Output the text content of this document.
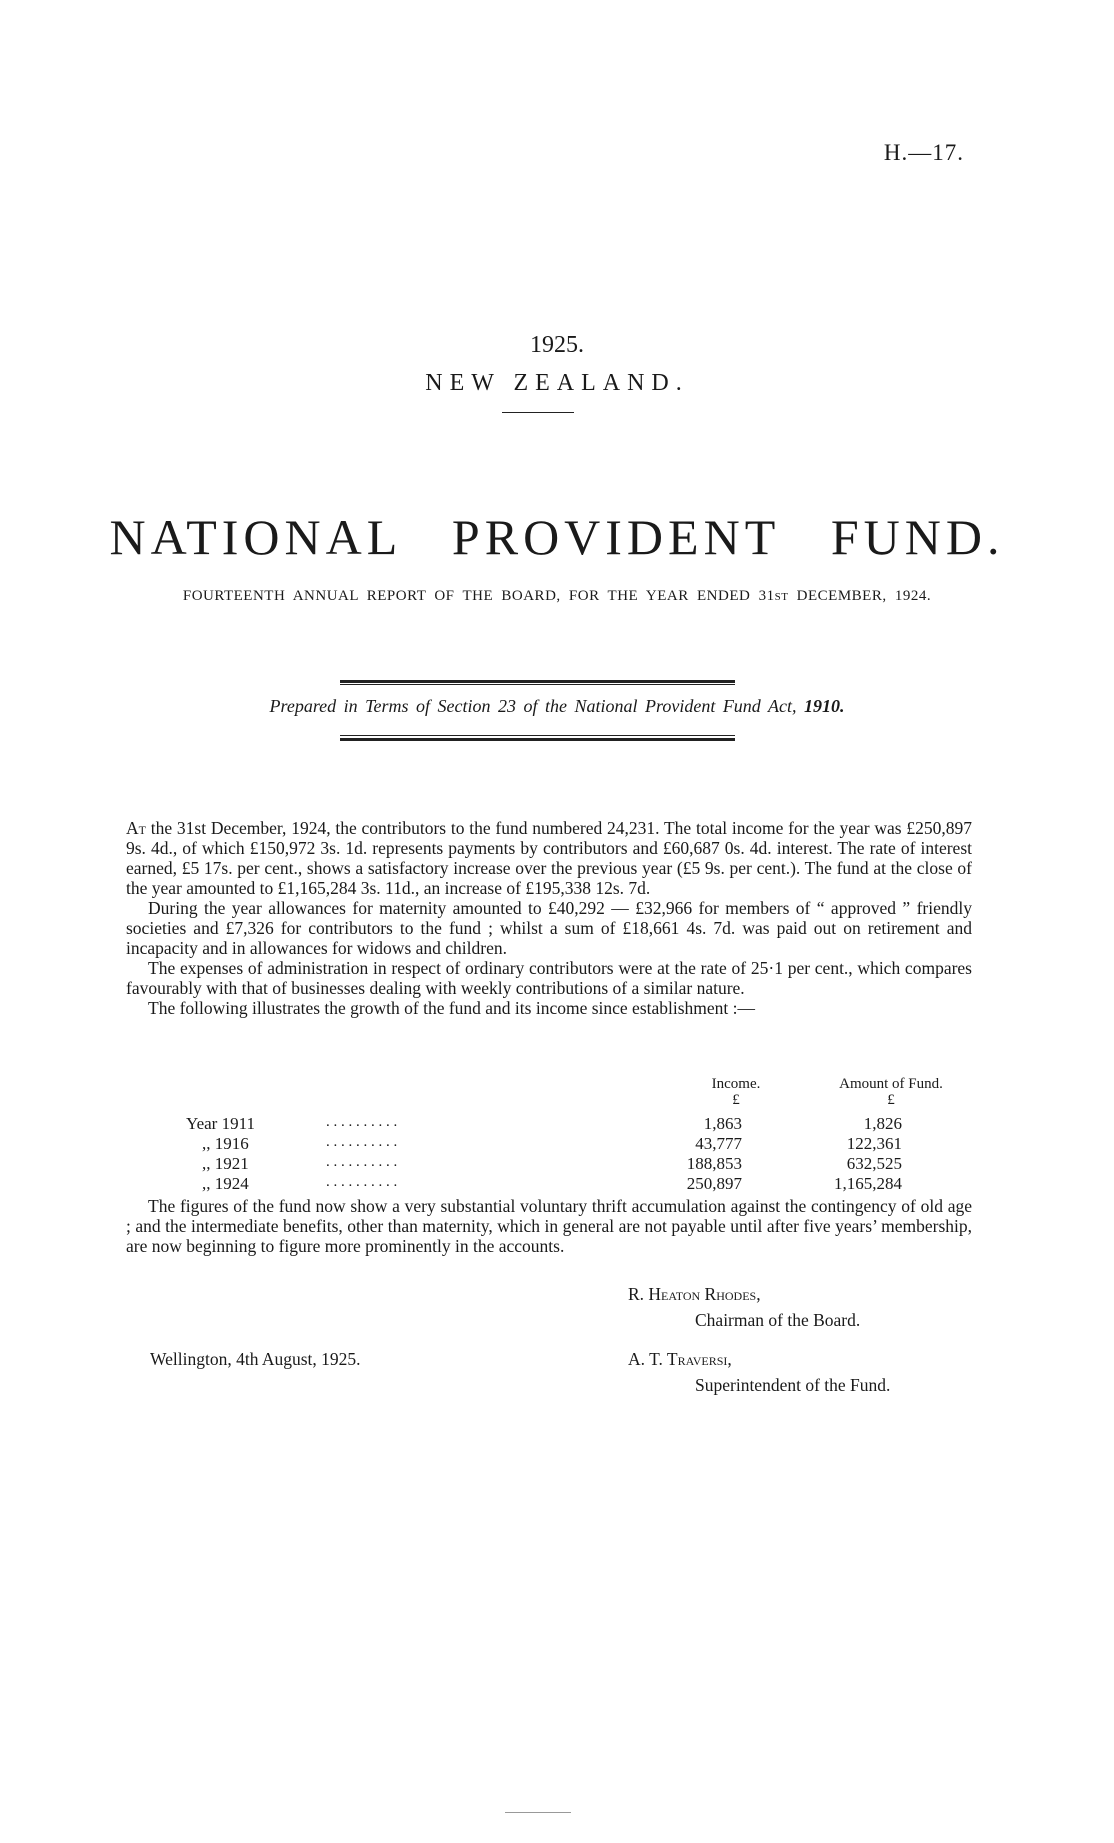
H.—17.
1925.
NEW ZEALAND.
NATIONAL PROVIDENT FUND.
FOURTEENTH ANNUAL REPORT OF THE BOARD, FOR THE YEAR ENDED 31ST DECEMBER, 1924.
Prepared in Terms of Section 23 of the National Provident Fund Act, 1910.

At the 31st December, 1924, the contributors to the fund numbered 24,231. The total income for the year was £250,897 9s. 4d., of which £150,972 3s. 1d. represents payments by contributors and £60,687 0s. 4d. interest. The rate of interest earned, £5 17s. per cent., shows a satisfactory increase over the previous year (£5 9s. per cent.). The fund at the close of the year amounted to £1,165,284 3s. 11d., an increase of £195,338 12s. 7d.

During the year allowances for maternity amounted to £40,292 — £32,966 for members of “ approved ” friendly societies and £7,326 for contributors to the fund ; whilst a sum of £18,661 4s. 7d. was paid out on retirement and incapacity and in allowances for widows and children.

The expenses of administration in respect of ordinary contributors were at the rate of 25·1 per cent., which compares favourably with that of businesses dealing with weekly contributions of a similar nature.

The following illustrates the growth of the fund and its income since establishment :—

Income.
£
Amount of Fund.
£
Year 1911	. . . . . . . . . .	1,863	1,826
,, 1916	. . . . . . . . . .	43,777	122,361
,, 1921	. . . . . . . . . .	188,853	632,525
,, 1924	. . . . . . . . . .	250,897	1,165,284

The figures of the fund now show a very substantial voluntary thrift accumulation against the contingency of old age ; and the intermediate benefits, other than maternity, which in general are not payable until after five years’ membership, are now beginning to figure more prominently in the accounts.

R. Heaton Rhodes,
Chairman of the Board.
Wellington, 4th August, 1925.	A. T. Traversi,
Superintendent of the Fund.
